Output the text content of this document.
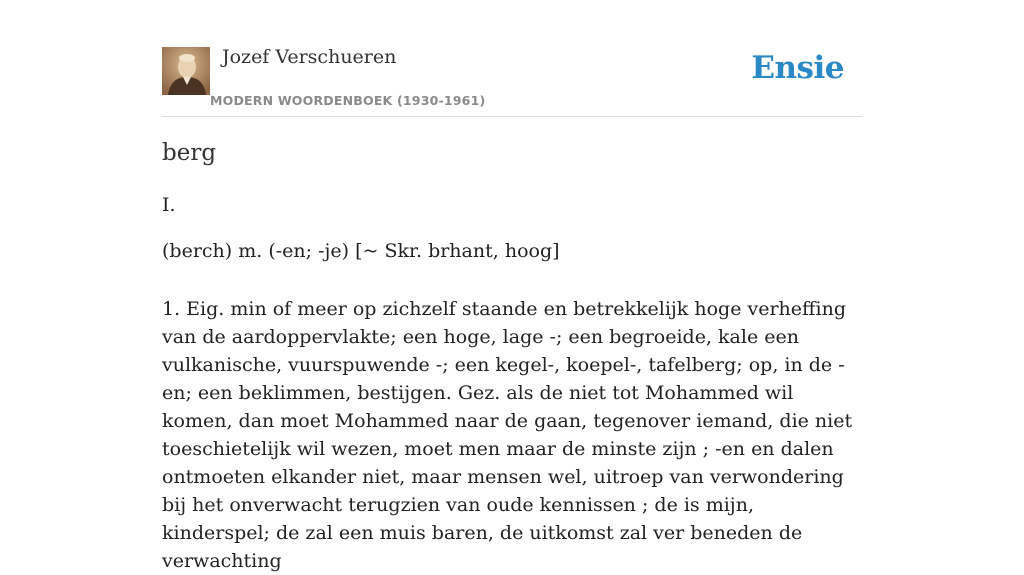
Jozef Verschueren
MODERN WOORDENBOEK (1930-1961)
Ensie
berg
I.
(berch) m. (-en; -je) [~ Skr. brhant, hoog]

1. Eig. min of meer op zichzelf staande en betrekkelijk hoge verheffing van de aardoppervlakte; een hoge, lage -; een begroeide, kale een vulkanische, vuurspuwende -; een kegel-, koepel-, tafelberg; op, in de -en; een beklimmen, bestijgen. Gez. als de niet tot Mohammed wil komen, dan moet Mohammed naar de gaan, tegenover iemand, die niet toeschietelijk wil wezen, moet men maar de minste zijn ; -en en dalen ontmoeten elkander niet, maar mensen wel, uitroep van verwondering bij het onverwacht terugzien van oude kennissen ; de is mijn, kinderspel; de zal een muis baren, de uitkomst zal ver beneden de verwachting
